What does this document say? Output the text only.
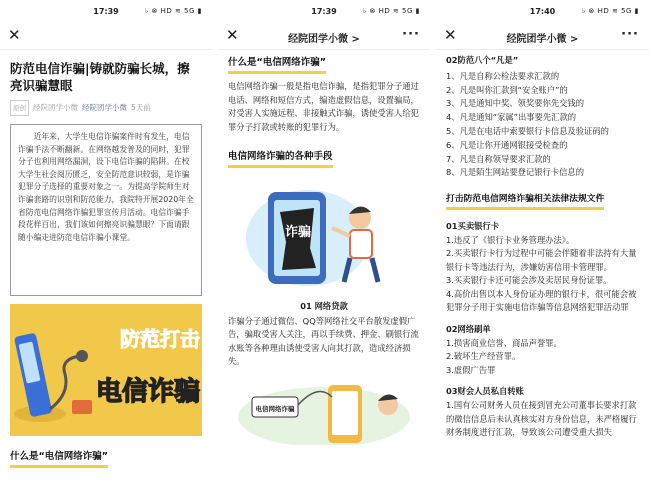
17:39	♭ ⊗ HD ≋ 5G ▮
✕
防范电信诈骗|铸就防骗长城，擦亮识骗慧眼
原创 经院团学小微 经院团学小微 5天前
近年来，大学生电信诈骗案件时有发生，电信诈骗手法不断翻新。在网络越发普及的同时，犯罪分子也利用网络漏洞，设下电信诈骗的陷阱。在校大学生社会阅历匮乏，安全防范意识较弱，是诈骗犯罪分子选择的重要对象之一。为提高学院师生对诈骗套路的识别和防范能力，我院特开展2020年全省防范电信网络诈骗犯罪宣传月活动。电信诈骗手段花样百出，我们该如何擦亮识骗慧眼？下面请跟随小编走进防范电信诈骗小课堂。
防范打击
电信诈骗
什么是“电信网络诈骗”
17:39	♭ ⊗ HD ≋ 5G ▮
✕	经院团学小微 >	···
什么是“电信网络诈骗”
电信网络诈骗一般是指电信诈骗，是指犯罪分子通过电话、网络和短信方式，编造虚假信息，设置骗局，对受害人实施远程、非接触式诈骗，诱使受害人给犯罪分子打款或转账的犯罪行为。
电信网络诈骗的各种手段
诈骗
01 网络贷款
诈骗分子通过微信、QQ等网络社交平台散发虚假广告，骗取受害人关注，再以手续费、押金、刷银行流水账等各种理由诱使受害人向其打款，造成经济损失。
电信网络诈骗
17:40	♭ ⊗ HD ≋ 5G ▮
✕	经院团学小微 >	···
02防范八个“凡是”
1、凡是自称公检法要求汇款的
2、凡是叫你汇款到“安全账户”的
3、凡是通知中奖、领奖要你先交钱的
4、凡是通知“家属”出事要先汇款的
5、凡是在电话中索要银行卡信息及验证码的
6、凡是让你开通网银接受检查的
7、凡是自称领导要求汇款的
8、凡是陌生网站要登记银行卡信息的
打击防范电信网络诈骗相关法律法规文件
01买卖银行卡
1.违反了《银行卡业务管理办法》。
2.买卖银行卡行为过程中可能会伴随着非法持有大量银行卡等违法行为，涉嫌妨害信用卡管理罪。
3.买卖银行卡还可能会涉及卖居民身份证罪。
4.高价出售以本人身份证办理的银行卡，很可能会被犯罪分子用于实施电信诈骗等信息网络犯罪活动罪
02网络刷单
1.损害商业信誉、商品声誉罪。
2.破坏生产经营罪。
3.虚假广告罪
03财会人员私自转账
1.国有公司财务人员在接到冒充公司董事长要求打款的微信信息后未认真核实对方身份信息，未严格履行财务制度进行汇款，导致该公司遭受重大损失
